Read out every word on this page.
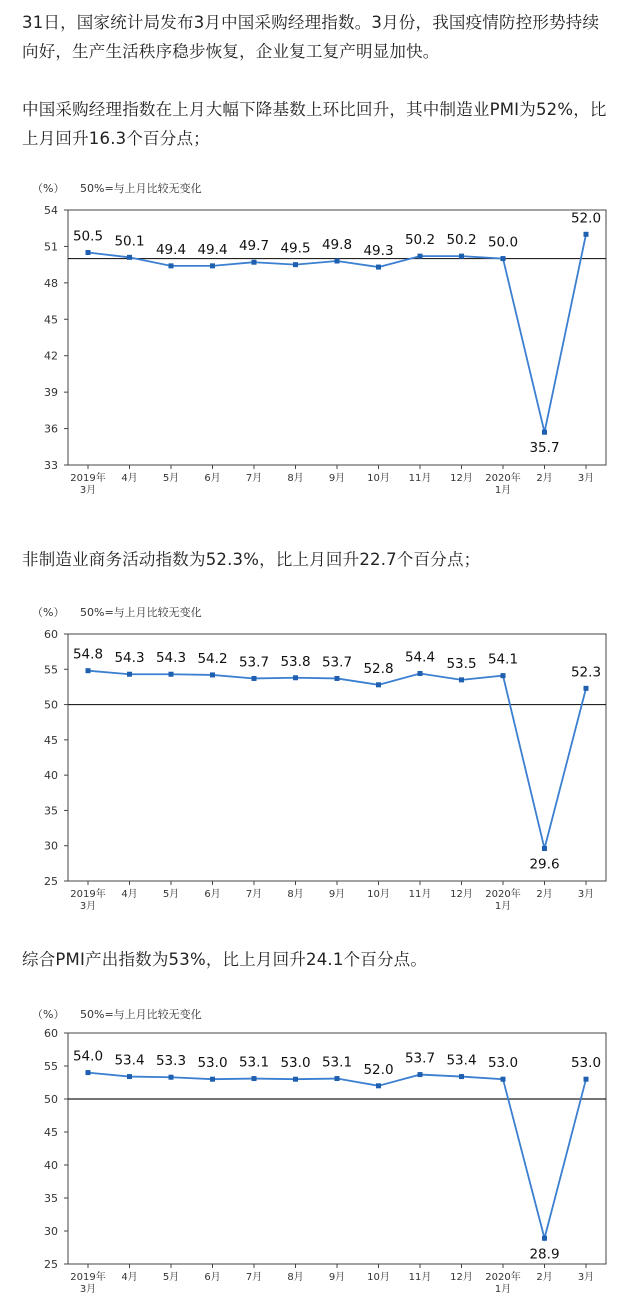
31日，国家统计局发布3月中国采购经理指数。3月份，我国疫情防控形势持续向好，生产生活秩序稳步恢复，企业复工复产明显加快。

中国采购经理指数在上月大幅下降基数上环比回升，其中制造业PMI为52%，比上月回升16.3个百分点；

（%） 50%=与上月比较无变化
54
51
48
45
42
39
36
33
2019年
3月
4月	5月	6月	7月	8月	9月 10月 11月 12月 2020年
1月
2月	3月
50.5 50.1
49.4 49.4 49.7 49.5 49.8 49.3
50.2 50.2 50.0
35.7
52.0

非制造业商务活动指数为52.3%，比上月回升22.7个百分点；

（%） 50%=与上月比较无变化
60
55
50
45
40
35
30
25
2019年
3月
4月	5月	6月	7月	8月	9月 10月 11月 12月 2020年
1月
2月	3月
54.8 54.3 54.3 54.2 53.7 53.8 53.7 52.8
54.4 53.5 54.1
29.6
52.3

综合PMI产出指数为53%，比上月回升24.1个百分点。

（%） 50%=与上月比较无变化
60
55
50
45
40
35
30
25
2019年
3月
4月	5月	6月	7月	8月	9月 10月 11月 12月 2020年
1月
2月	3月
54.0 53.4 53.3 53.0 53.1 53.0 53.1 52.0
53.7 53.4 53.0
28.9
53.0
